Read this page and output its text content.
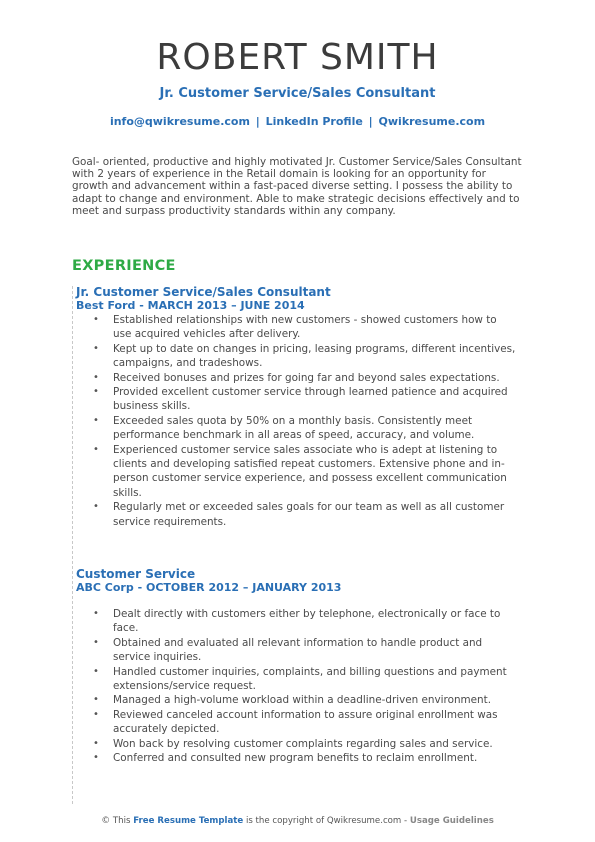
ROBERT SMITH
Jr. Customer Service/Sales Consultant
info@qwikresume.com | LinkedIn Profile | Qwikresume.com
Goal- oriented, productive and highly motivated Jr. Customer Service/Sales Consultant with 2 years of experience in the Retail domain is looking for an opportunity for growth and advancement within a fast-paced diverse setting. I possess the ability to adapt to change and environment. Able to make strategic decisions effectively and to meet and surpass productivity standards within any company.
EXPERIENCE
Jr. Customer Service/Sales Consultant
Best Ford - MARCH 2013 – JUNE 2014
• Established relationships with new customers - showed customers how to use acquired vehicles after delivery.
• Kept up to date on changes in pricing, leasing programs, different incentives, campaigns, and tradeshows.
• Received bonuses and prizes for going far and beyond sales expectations.
• Provided excellent customer service through learned patience and acquired business skills.
• Exceeded sales quota by 50% on a monthly basis. Consistently meet performance benchmark in all areas of speed, accuracy, and volume.
• Experienced customer service sales associate who is adept at listening to clients and developing satisfied repeat customers. Extensive phone and in-person customer service experience, and possess excellent communication skills.
• Regularly met or exceeded sales goals for our team as well as all customer service requirements.
Customer Service
ABC Corp - OCTOBER 2012 – JANUARY 2013
• Dealt directly with customers either by telephone, electronically or face to face.
• Obtained and evaluated all relevant information to handle product and service inquiries.
• Handled customer inquiries, complaints, and billing questions and payment extensions/service request.
• Managed a high-volume workload within a deadline-driven environment.
• Reviewed canceled account information to assure original enrollment was accurately depicted.
• Won back by resolving customer complaints regarding sales and service.
• Conferred and consulted new program benefits to reclaim enrollment.
© This Free Resume Template is the copyright of Qwikresume.com - Usage Guidelines
